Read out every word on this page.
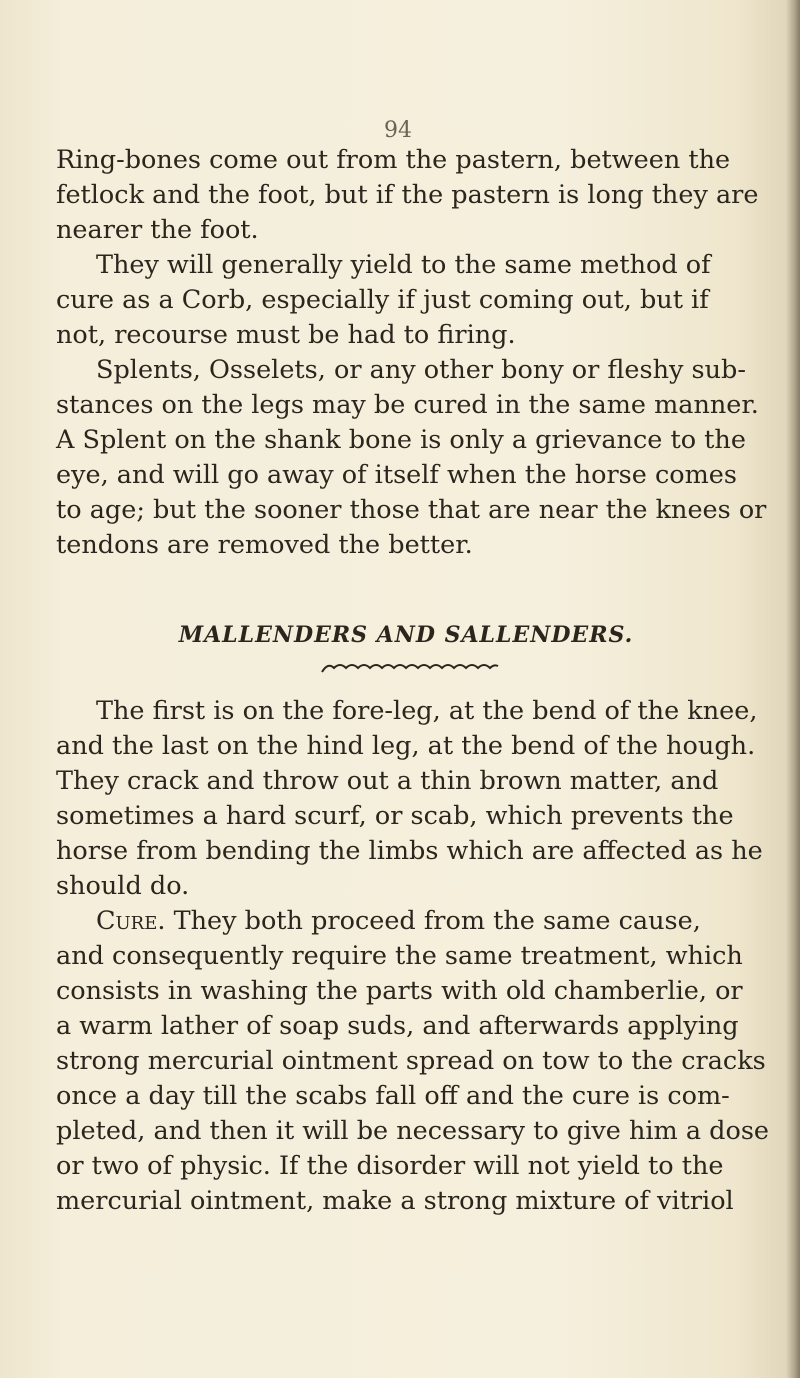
94
Ring-bones come out from the pastern, between the
fetlock and the foot, but if the pastern is long they are
nearer the foot.
They will generally yield to the same method of
cure as a Corb, especially if just coming out, but if
not, recourse must be had to firing.
Splents, Osselets, or any other bony or fleshy sub-
stances on the legs may be cured in the same manner.
A Splent on the shank bone is only a grievance to the
eye, and will go away of itself when the horse comes
to age; but the sooner those that are near the knees or
tendons are removed the better.
MALLENDERS AND SALLENDERS.
The first is on the fore-leg, at the bend of the knee,
and the last on the hind leg, at the bend of the hough.
They crack and throw out a thin brown matter, and
sometimes a hard scurf, or scab, which prevents the
horse from bending the limbs which are affected as he
should do.
Cure. They both proceed from the same cause,
and consequently require the same treatment, which
consists in washing the parts with old chamberlie, or
a warm lather of soap suds, and afterwards applying
strong mercurial ointment spread on tow to the cracks
once a day till the scabs fall off and the cure is com-
pleted, and then it will be necessary to give him a dose
or two of physic. If the disorder will not yield to the
mercurial ointment, make a strong mixture of vitriol
